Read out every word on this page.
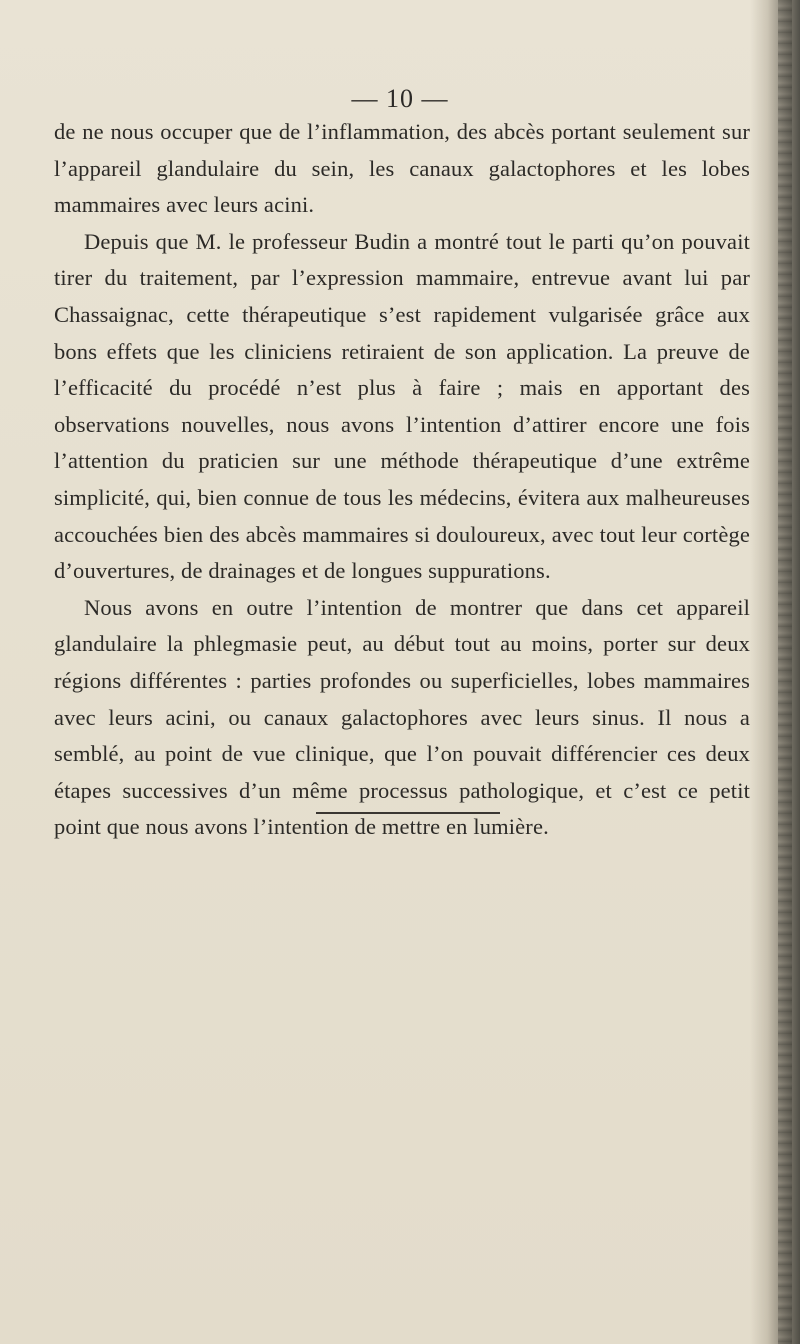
— 10 —

de ne nous occuper que de l’inflammation, des abcès portant seulement sur l’appareil glandulaire du sein, les canaux galactophores et les lobes mammaires avec leurs acini.

Depuis que M. le professeur Budin a montré tout le parti qu’on pouvait tirer du traitement, par l’expression mammaire, entrevue avant lui par Chassaignac, cette thérapeutique s’est rapidement vulgarisée grâce aux bons effets que les cliniciens retiraient de son application. La preuve de l’efficacité du procédé n’est plus à faire ; mais en apportant des observations nouvelles, nous avons l’intention d’attirer encore une fois l’attention du praticien sur une méthode thérapeutique d’une extrême simplicité, qui, bien connue de tous les médecins, évitera aux malheureuses accouchées bien des abcès mammaires si douloureux, avec tout leur cortège d’ouvertures, de drainages et de longues suppurations.

Nous avons en outre l’intention de montrer que dans cet appareil glandulaire la phlegmasie peut, au début tout au moins, porter sur deux régions différentes : parties profondes ou superficielles, lobes mammaires avec leurs acini, ou canaux galactophores avec leurs sinus. Il nous a semblé, au point de vue clinique, que l’on pouvait différencier ces deux étapes successives d’un même processus pathologique, et c’est ce petit point que nous avons l’intention de mettre en lumière.
